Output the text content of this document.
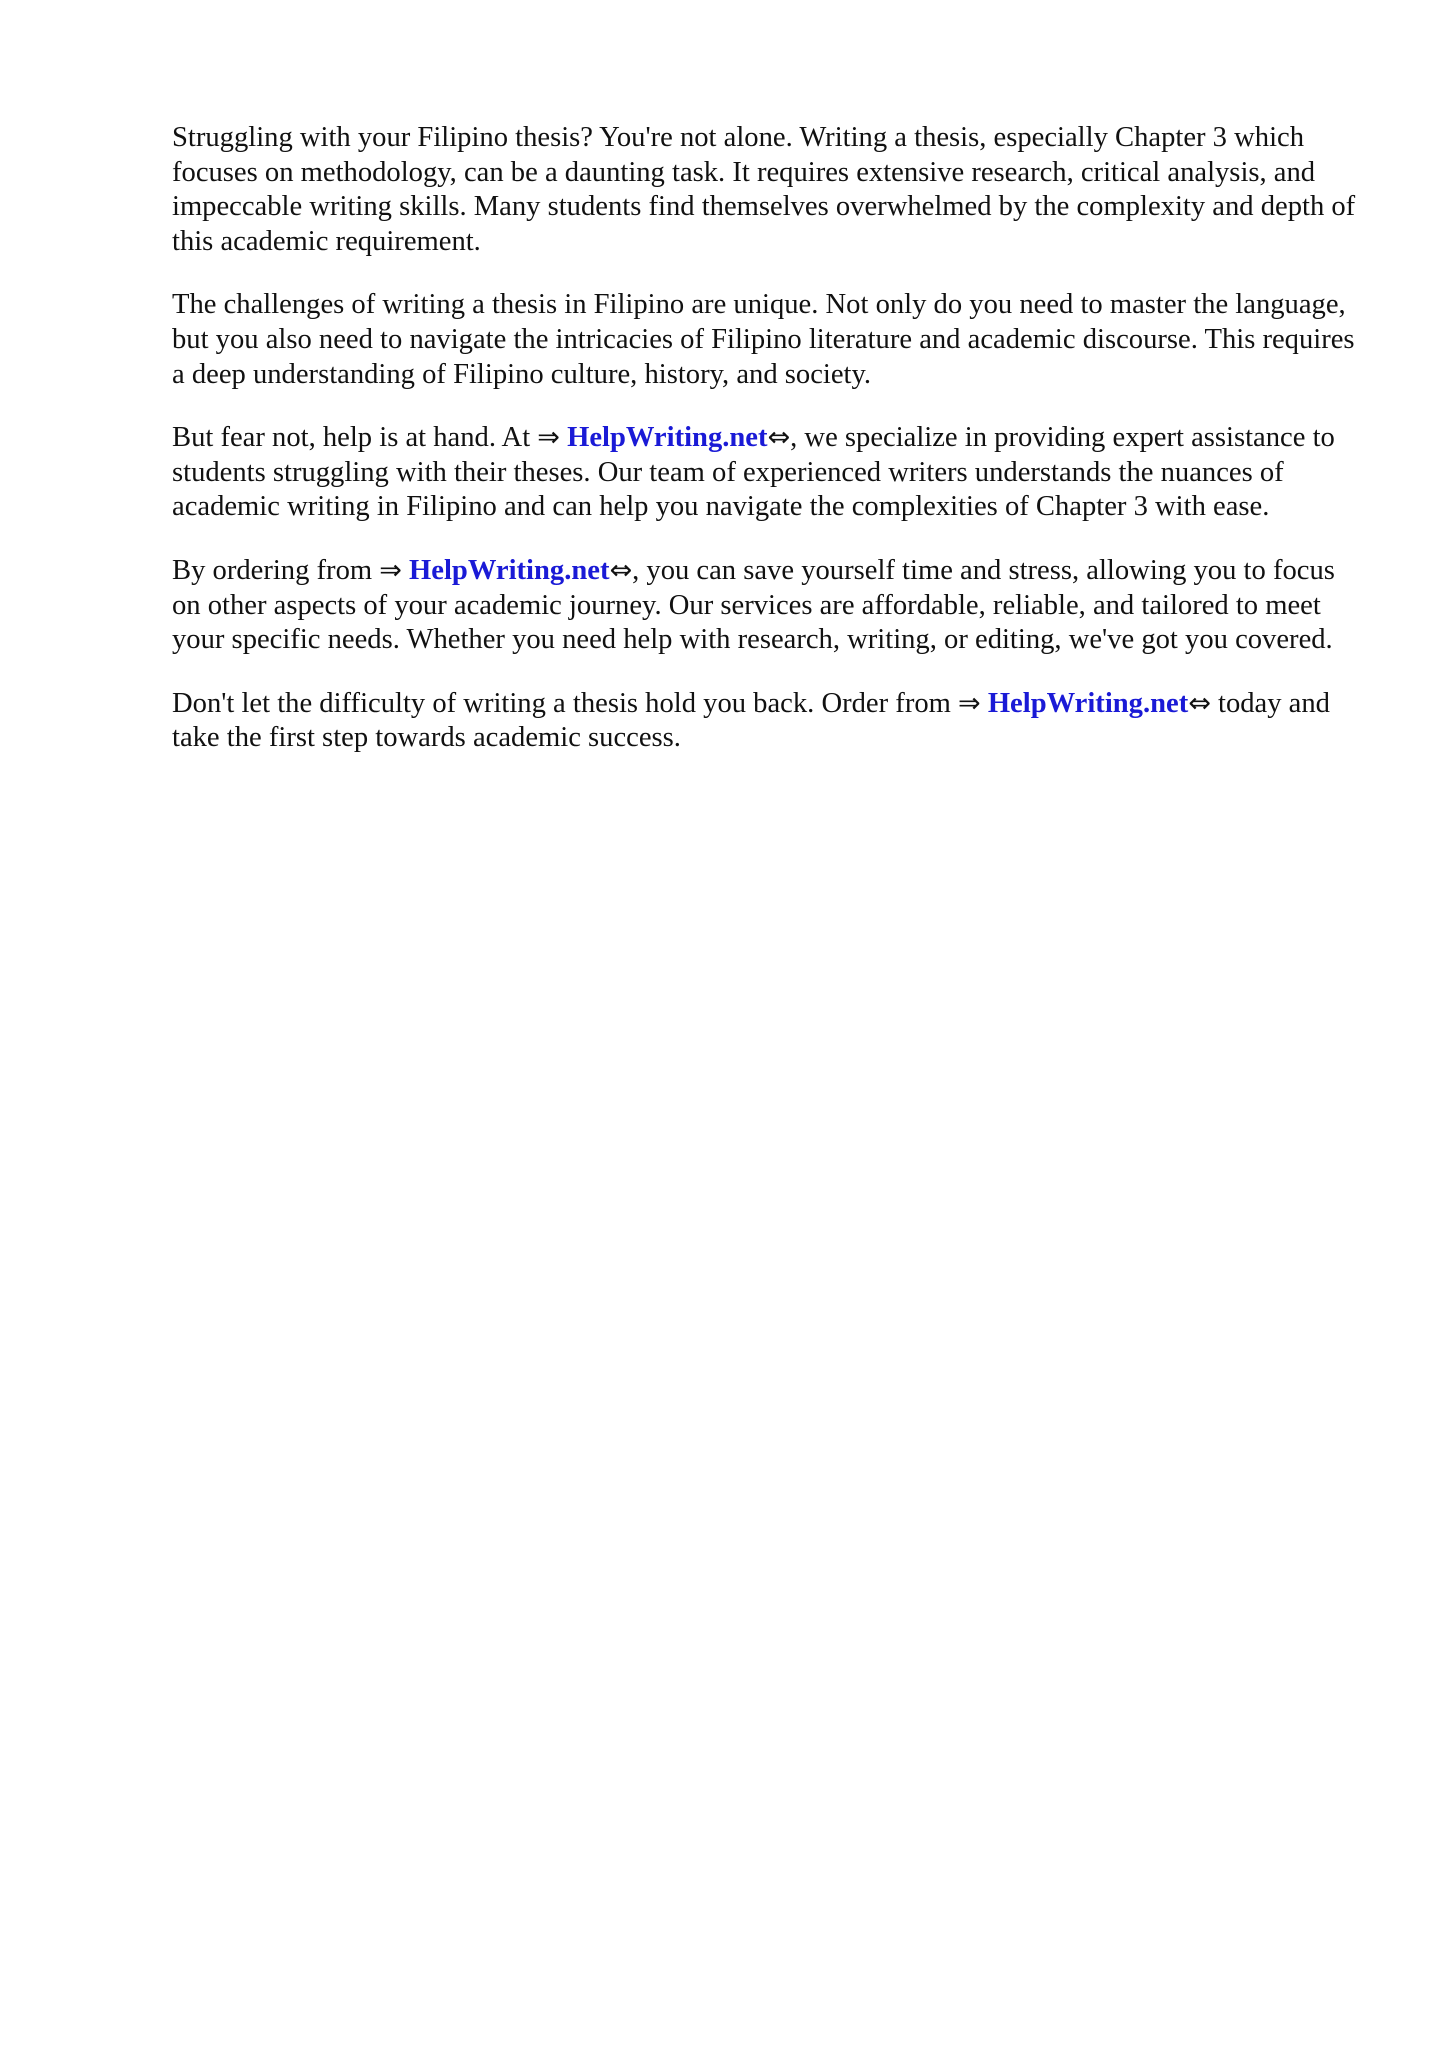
Struggling with your Filipino thesis? You're not alone. Writing a thesis, especially Chapter 3 which focuses on methodology, can be a daunting task. It requires extensive research, critical analysis, and impeccable writing skills. Many students find themselves overwhelmed by the complexity and depth of this academic requirement.

The challenges of writing a thesis in Filipino are unique. Not only do you need to master the language, but you also need to navigate the intricacies of Filipino literature and academic discourse. This requires a deep understanding of Filipino culture, history, and society.

But fear not, help is at hand. At ⇒ HelpWriting.net⇔, we specialize in providing expert assistance to students struggling with their theses. Our team of experienced writers understands the nuances of academic writing in Filipino and can help you navigate the complexities of Chapter 3 with ease.

By ordering from ⇒ HelpWriting.net⇔, you can save yourself time and stress, allowing you to focus on other aspects of your academic journey. Our services are affordable, reliable, and tailored to meet your specific needs. Whether you need help with research, writing, or editing, we've got you covered.

Don't let the difficulty of writing a thesis hold you back. Order from ⇒ HelpWriting.net⇔ today and take the first step towards academic success.
